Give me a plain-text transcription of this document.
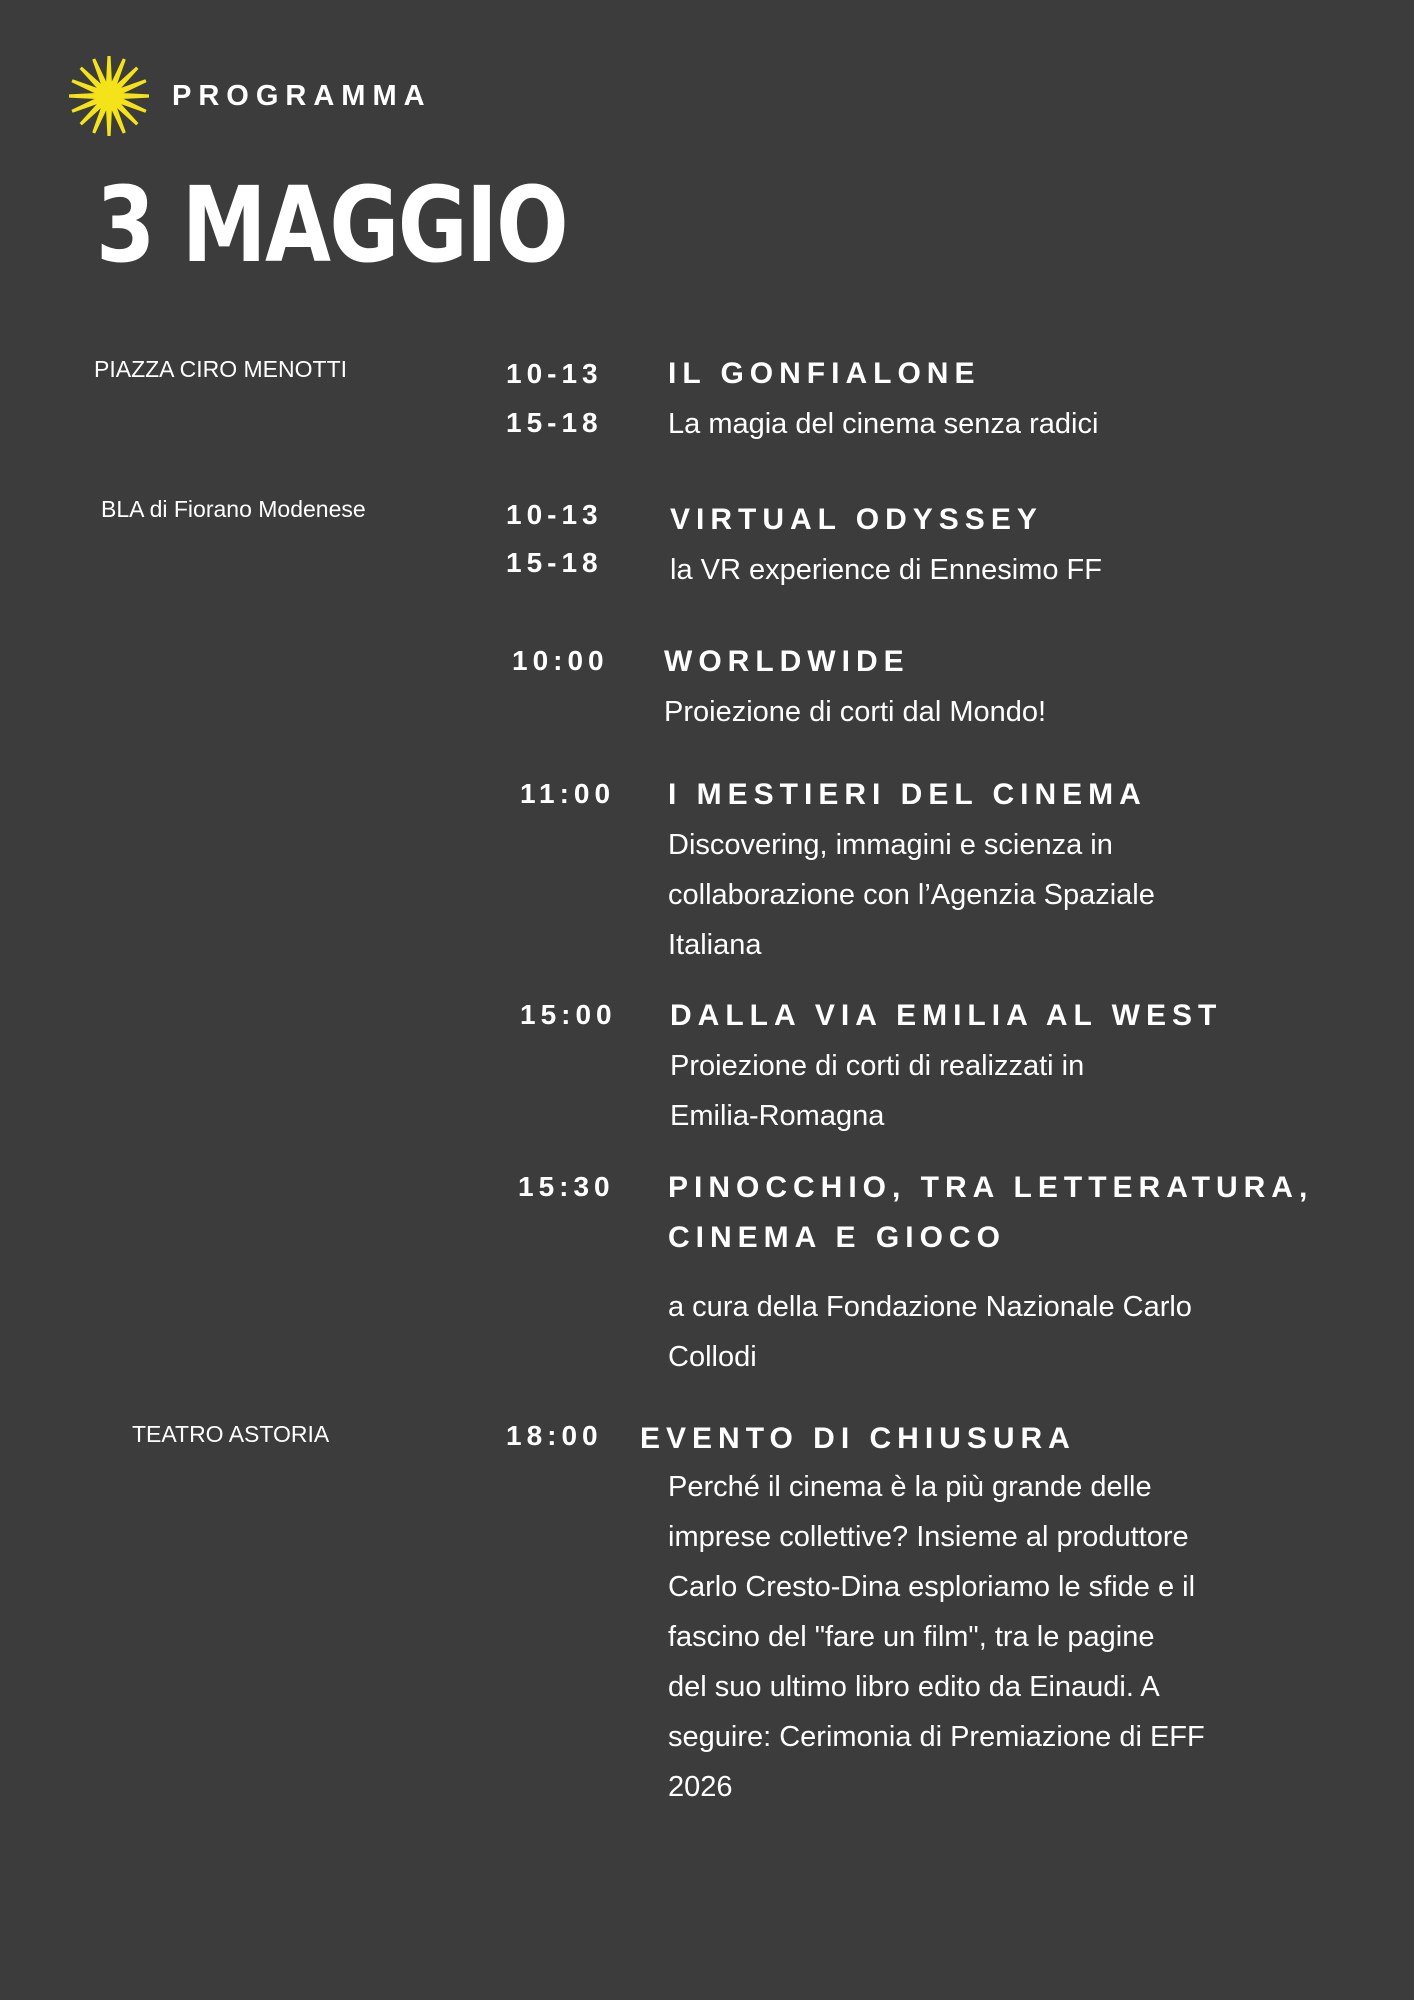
PROGRAMMA
3 MAGGIO
PIAZZA CIRO MENOTTI
BLA di Fiorano Modenese
TEATRO ASTORIA
10-13
15-18
IL GONFIALONE
La magia del cinema senza radici
10-13
15-18
VIRTUAL ODYSSEY
la VR experience di Ennesimo FF
10:00 WORLDWIDE
Proiezione di corti dal Mondo!
11:00 I MESTIERI DEL CINEMA
Discovering, immagini e scienza in
collaborazione con l’Agenzia Spaziale
Italiana
15:00 DALLA VIA EMILIA AL WEST
Proiezione di corti di realizzati in
Emilia-Romagna
15:30 PINOCCHIO, TRA LETTERATURA,
CINEMA E GIOCO
a cura della Fondazione Nazionale Carlo
Collodi
18:00 EVENTO DI CHIUSURA
Perché il cinema è la più grande delle
imprese collettive? Insieme al produttore
Carlo Cresto-Dina esploriamo le sfide e il
fascino del "fare un film", tra le pagine
del suo ultimo libro edito da Einaudi. A
seguire: Cerimonia di Premiazione di EFF
2026
